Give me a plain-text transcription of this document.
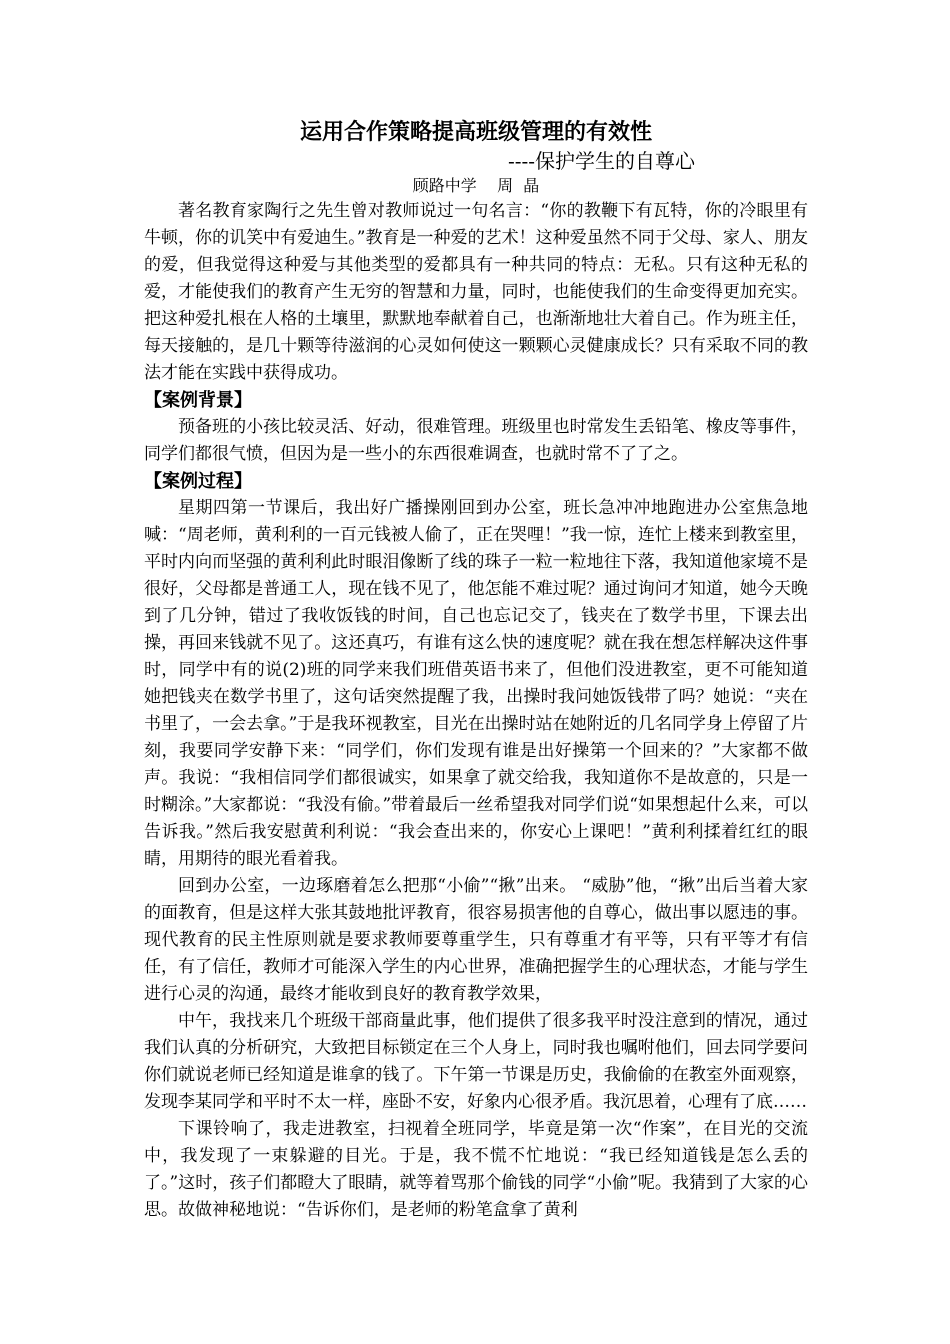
运用合作策略提高班级管理的有效性
----保护学生的自尊心
顾路中学    周  晶

著名教育家陶行之先生曾对教师说过一句名言：“你的教鞭下有瓦特，你的冷眼里有牛顿，你的讥笑中有爱迪生。”教育是一种爱的艺术！这种爱虽然不同于父母、家人、朋友的爱，但我觉得这种爱与其他类型的爱都具有一种共同的特点：无私。只有这种无私的爱，才能使我们的教育产生无穷的智慧和力量，同时，也能使我们的生命变得更加充实。把这种爱扎根在人格的土壤里，默默地奉献着自己，也渐渐地壮大着自己。作为班主任，每天接触的，是几十颗等待滋润的心灵如何使这一颗颗心灵健康成长？只有采取不同的教法才能在实践中获得成功。

【案例背景】

预备班的小孩比较灵活、好动，很难管理。班级里也时常发生丢铅笔、橡皮等事件，同学们都很气愤，但因为是一些小的东西很难调查，也就时常不了了之。

【案例过程】

星期四第一节课后，我出好广播操刚回到办公室，班长急冲冲地跑进办公室焦急地喊：“周老师，黄利利的一百元钱被人偷了，正在哭哩！”我一惊，连忙上楼来到教室里，平时内向而坚强的黄利利此时眼泪像断了线的珠子一粒一粒地往下落，我知道他家境不是很好，父母都是普通工人，现在钱不见了，他怎能不难过呢？通过询问才知道，她今天晚到了几分钟，错过了我收饭钱的时间，自己也忘记交了，钱夹在了数学书里，下课去出操，再回来钱就不见了。这还真巧，有谁有这么快的速度呢？就在我在想怎样解决这件事时，同学中有的说(2)班的同学来我们班借英语书来了，但他们没进教室，更不可能知道她把钱夹在数学书里了，这句话突然提醒了我，出操时我问她饭钱带了吗？她说：“夹在书里了，一会去拿。”于是我环视教室，目光在出操时站在她附近的几名同学身上停留了片刻，我要同学安静下来：“同学们，你们发现有谁是出好操第一个回来的？”大家都不做声。我说：“我相信同学们都很诚实，如果拿了就交给我，我知道你不是故意的，只是一时糊涂。”大家都说：“我没有偷。”带着最后一丝希望我对同学们说“如果想起什么来，可以告诉我。”然后我安慰黄利利说：“我会查出来的，你安心上课吧！”黄利利揉着红红的眼睛，用期待的眼光看着我。

回到办公室，一边琢磨着怎么把那“小偷”“揪”出来。 “威胁”他，“揪”出后当着大家的面教育，但是这样大张其鼓地批评教育，很容易损害他的自尊心，做出事以愿违的事。现代教育的民主性原则就是要求教师要尊重学生，只有尊重才有平等，只有平等才有信任，有了信任，教师才可能深入学生的内心世界，准确把握学生的心理状态，才能与学生进行心灵的沟通，最终才能收到良好的教育教学效果，

中午，我找来几个班级干部商量此事，他们提供了很多我平时没注意到的情况，通过我们认真的分析研究，大致把目标锁定在三个人身上，同时我也嘱咐他们，回去同学要问你们就说老师已经知道是谁拿的钱了。下午第一节课是历史，我偷偷的在教室外面观察，发现李某同学和平时不太一样，座卧不安，好象内心很矛盾。我沉思着，心理有了底……

下课铃响了，我走进教室，扫视着全班同学，毕竟是第一次“作案”，在目光的交流中，我发现了一束躲避的目光。于是，我不慌不忙地说：“我已经知道钱是怎么丢的了。”这时，孩子们都瞪大了眼睛，就等着骂那个偷钱的同学“小偷”呢。我猜到了大家的心思。故做神秘地说：“告诉你们，是老师的粉笔盒拿了黄利
